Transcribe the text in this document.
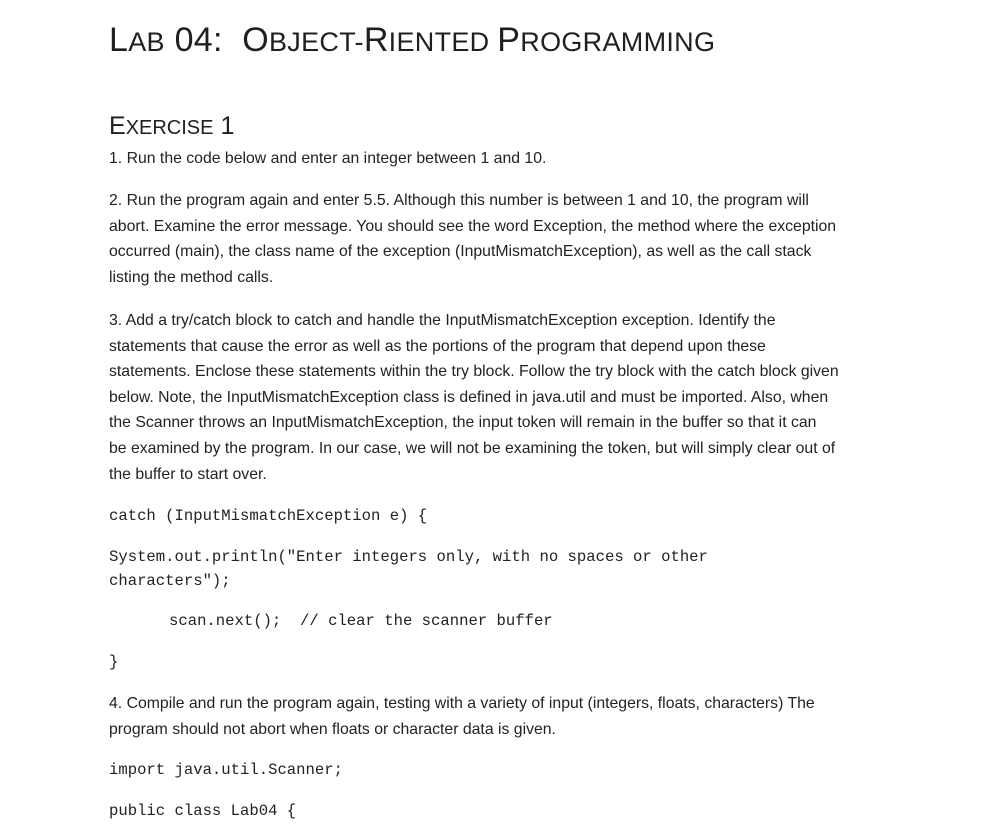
LAB 04:  OBJECT-RIENTED PROGRAMMING
EXERCISE 1

1. Run the code below and enter an integer between 1 and 10.

2. Run the program again and enter 5.5. Although this number is between 1 and 10, the program will
abort. Examine the error message. You should see the word Exception, the method where the exception
occurred (main), the class name of the exception (InputMismatchException), as well as the call stack
listing the method calls.

3. Add a try/catch block to catch and handle the InputMismatchException exception. Identify the
statements that cause the error as well as the portions of the program that depend upon these
statements. Enclose these statements within the try block. Follow the try block with the catch block given
below. Note, the InputMismatchException class is defined in java.util and must be imported. Also, when
the Scanner throws an InputMismatchException, the input token will remain in the buffer so that it can
be examined by the program. In our case, we will not be examining the token, but will simply clear out of
the buffer to start over.

catch (InputMismatchException e) {
System.out.println("Enter integers only, with no spaces or other
characters");
scan.next();  // clear the scanner buffer
}

4. Compile and run the program again, testing with a variety of input (integers, floats, characters) The
program should not abort when floats or character data is given.

import java.util.Scanner;
public class Lab04 {
